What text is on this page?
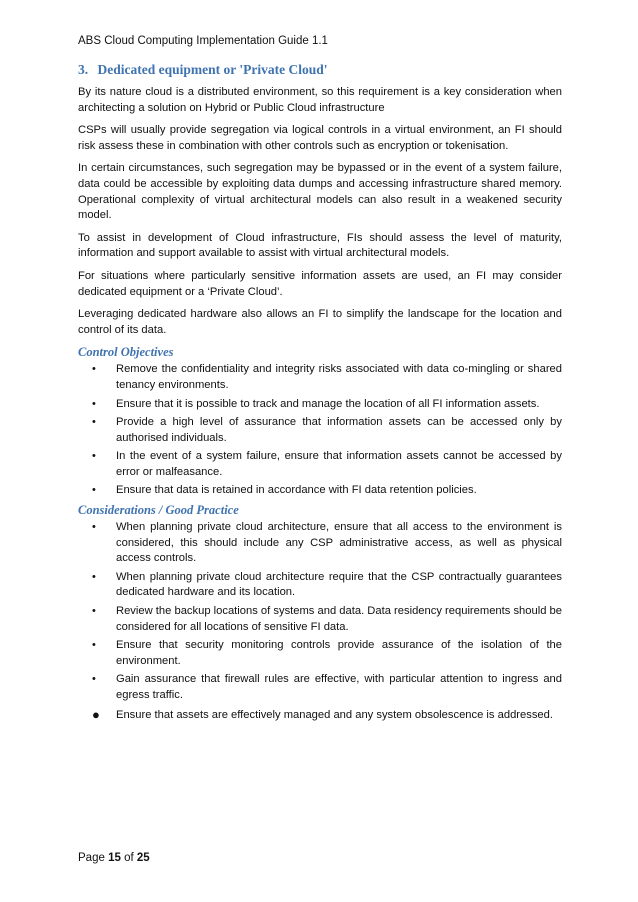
ABS Cloud Computing Implementation Guide 1.1
3. Dedicated equipment or 'Private Cloud'

By its nature cloud is a distributed environment, so this requirement is a key consideration when architecting a solution on Hybrid or Public Cloud infrastructure

CSPs will usually provide segregation via logical controls in a virtual environment, an FI should risk assess these in combination with other controls such as encryption or tokenisation.

In certain circumstances, such segregation may be bypassed or in the event of a system failure, data could be accessible by exploiting data dumps and accessing infrastructure shared memory. Operational complexity of virtual architectural models can also result in a weakened security model.

To assist in development of Cloud infrastructure, FIs should assess the level of maturity, information and support available to assist with virtual architectural models.

For situations where particularly sensitive information assets are used, an FI may consider dedicated equipment or a ‘Private Cloud’.

Leveraging dedicated hardware also allows an FI to simplify the landscape for the location and control of its data.

Control Objectives
• Remove the confidentiality and integrity risks associated with data co-mingling or shared tenancy environments.
• Ensure that it is possible to track and manage the location of all FI information assets.
• Provide a high level of assurance that information assets can be accessed only by authorised individuals.
• In the event of a system failure, ensure that information assets cannot be accessed by error or malfeasance.
• Ensure that data is retained in accordance with FI data retention policies.
Considerations / Good Practice
• When planning private cloud architecture, ensure that all access to the environment is considered, this should include any CSP administrative access, as well as physical access controls.
• When planning private cloud architecture require that the CSP contractually guarantees dedicated hardware and its location.
• Review the backup locations of systems and data. Data residency requirements should be considered for all locations of sensitive FI data.
• Ensure that security monitoring controls provide assurance of the isolation of the environment.
• Gain assurance that firewall rules are effective, with particular attention to ingress and egress traffic.
● Ensure that assets are effectively managed and any system obsolescence is addressed.
Page 15 of 25
